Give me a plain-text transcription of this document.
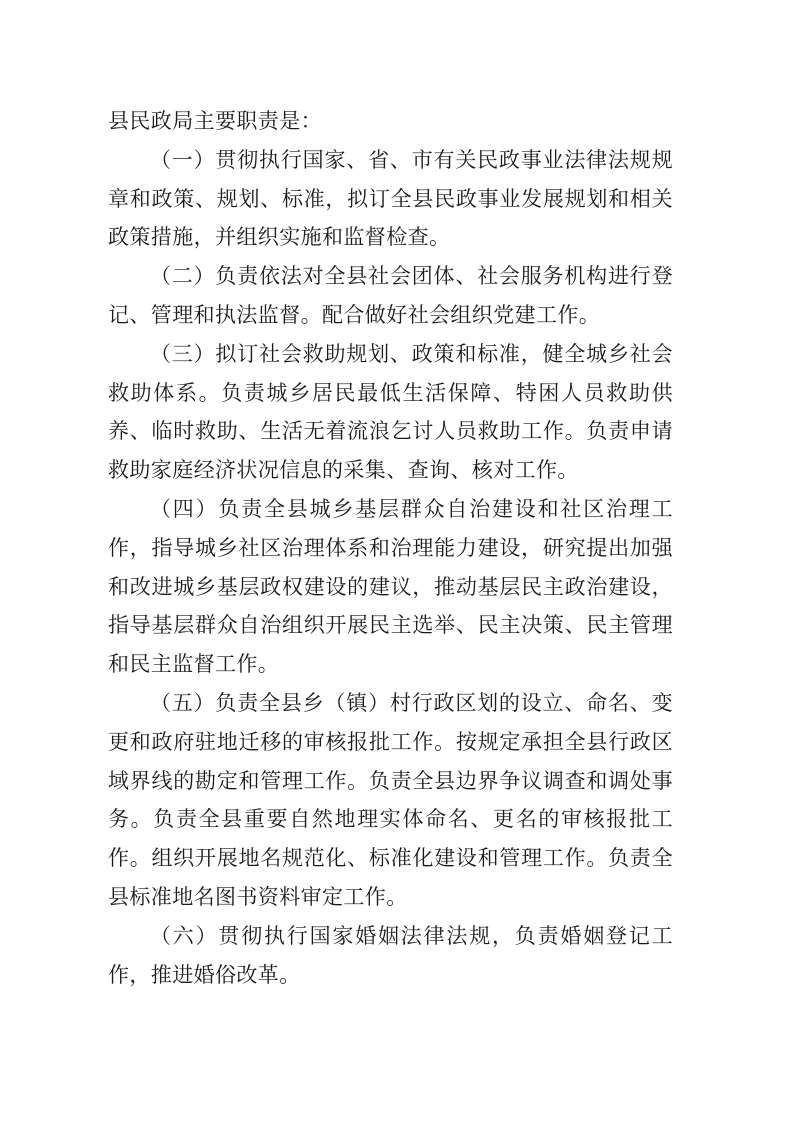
县民政局主要职责是：

（一）贯彻执行国家、省、市有关民政事业法律法规规章和政策、规划、标准，拟订全县民政事业发展规划和相关政策措施，并组织实施和监督检查。

（二）负责依法对全县社会团体、社会服务机构进行登记、管理和执法监督。配合做好社会组织党建工作。

（三）拟订社会救助规划、政策和标准，健全城乡社会救助体系。负责城乡居民最低生活保障、特困人员救助供养、临时救助、生活无着流浪乞讨人员救助工作。负责申请救助家庭经济状况信息的采集、查询、核对工作。

（四）负责全县城乡基层群众自治建设和社区治理工作，指导城乡社区治理体系和治理能力建设，研究提出加强和改进城乡基层政权建设的建议，推动基层民主政治建设，指导基层群众自治组织开展民主选举、民主决策、民主管理和民主监督工作。

（五）负责全县乡（镇）村行政区划的设立、命名、变更和政府驻地迁移的审核报批工作。按规定承担全县行政区域界线的勘定和管理工作。负责全县边界争议调查和调处事务。负责全县重要自然地理实体命名、更名的审核报批工作。组织开展地名规范化、标准化建设和管理工作。负责全县标准地名图书资料审定工作。

（六）贯彻执行国家婚姻法律法规，负责婚姻登记工作，推进婚俗改革。
